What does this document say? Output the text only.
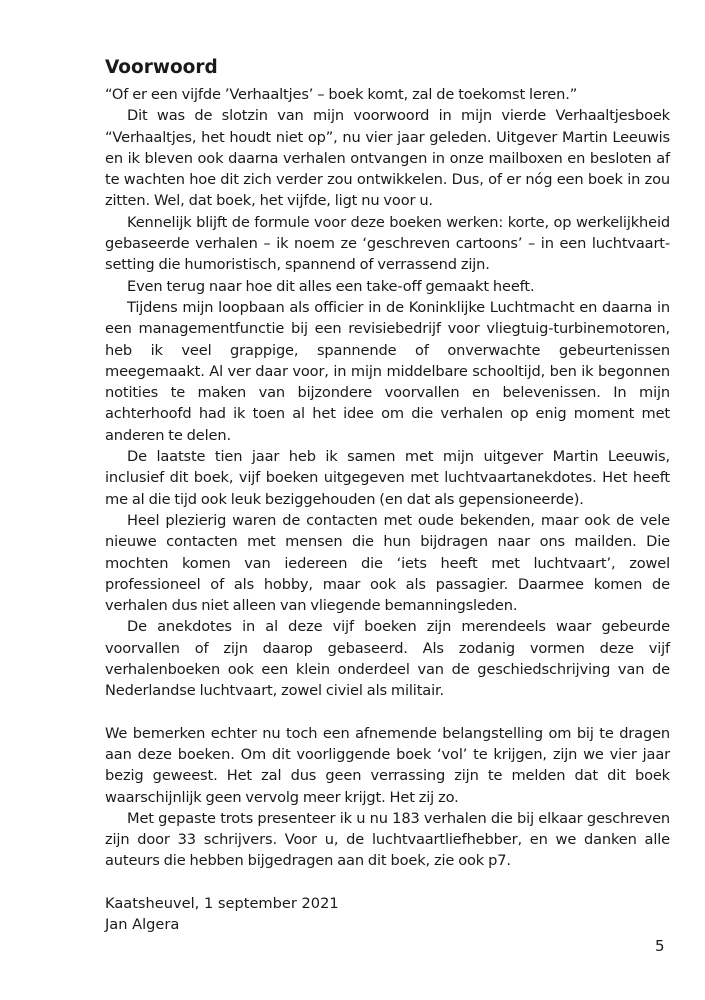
Voorwoord

“Of er een vijfde ’Verhaaltjes’ – boek komt, zal de toekomst leren.”

Dit was de slotzin van mijn voorwoord in mijn vierde Verhaaltjesboek “Verhaaltjes, het houdt niet op”, nu vier jaar geleden. Uitgever Martin Leeuwis en ik bleven ook daarna verhalen ontvangen in onze mailboxen en besloten af te wachten hoe dit zich verder zou ontwikkelen. Dus, of er nóg een boek in zou zitten. Wel, dat boek, het vijfde, ligt nu voor u.

Kennelijk blijft de formule voor deze boeken werken: korte, op werkelijkheid gebaseerde verhalen – ik noem ze ‘geschreven cartoons’ – in een luchtvaart-setting die humoristisch, spannend of verrassend zijn.

Even terug naar hoe dit alles een take-off gemaakt heeft.

Tijdens mijn loopbaan als officier in de Koninklijke Luchtmacht en daarna in een managementfunctie bij een revisiebedrijf voor vliegtuig-turbinemotoren, heb ik veel grappige, spannende of onverwachte gebeurtenissen meegemaakt. Al ver daar voor, in mijn middelbare schooltijd, ben ik begonnen notities te maken van bijzondere voorvallen en belevenissen. In mijn achterhoofd had ik toen al het idee om die verhalen op enig moment met anderen te delen.

De laatste tien jaar heb ik samen met mijn uitgever Martin Leeuwis, inclusief dit boek, vijf boeken uitgegeven met luchtvaartanekdotes. Het heeft me al die tijd ook leuk beziggehouden (en dat als gepensioneerde).

Heel plezierig waren de contacten met oude bekenden, maar ook de vele nieuwe contacten met mensen die hun bijdragen naar ons mailden. Die mochten komen van iedereen die ‘iets heeft met luchtvaart’, zowel professioneel of als hobby, maar ook als passagier. Daarmee komen de verhalen dus niet alleen van vliegende bemanningsleden.

De anekdotes in al deze vijf boeken zijn merendeels waar gebeurde voorvallen of zijn daarop gebaseerd. Als zodanig vormen deze vijf verhalenboeken ook een klein onderdeel van de geschiedschrijving van de Nederlandse luchtvaart, zowel civiel als militair.

We bemerken echter nu toch een afnemende belangstelling om bij te dragen aan deze boeken. Om dit voorliggende boek ‘vol’ te krijgen, zijn we vier jaar bezig geweest. Het zal dus geen verrassing zijn te melden dat dit boek waarschijnlijk geen vervolg meer krijgt. Het zij zo.

Met gepaste trots presenteer ik u nu 183 verhalen die bij elkaar geschreven zijn door 33 schrijvers. Voor u, de luchtvaartliefhebber, en we danken alle auteurs die hebben bijgedragen aan dit boek, zie ook p7.

Kaatsheuvel, 1 september 2021

Jan Algera

5
